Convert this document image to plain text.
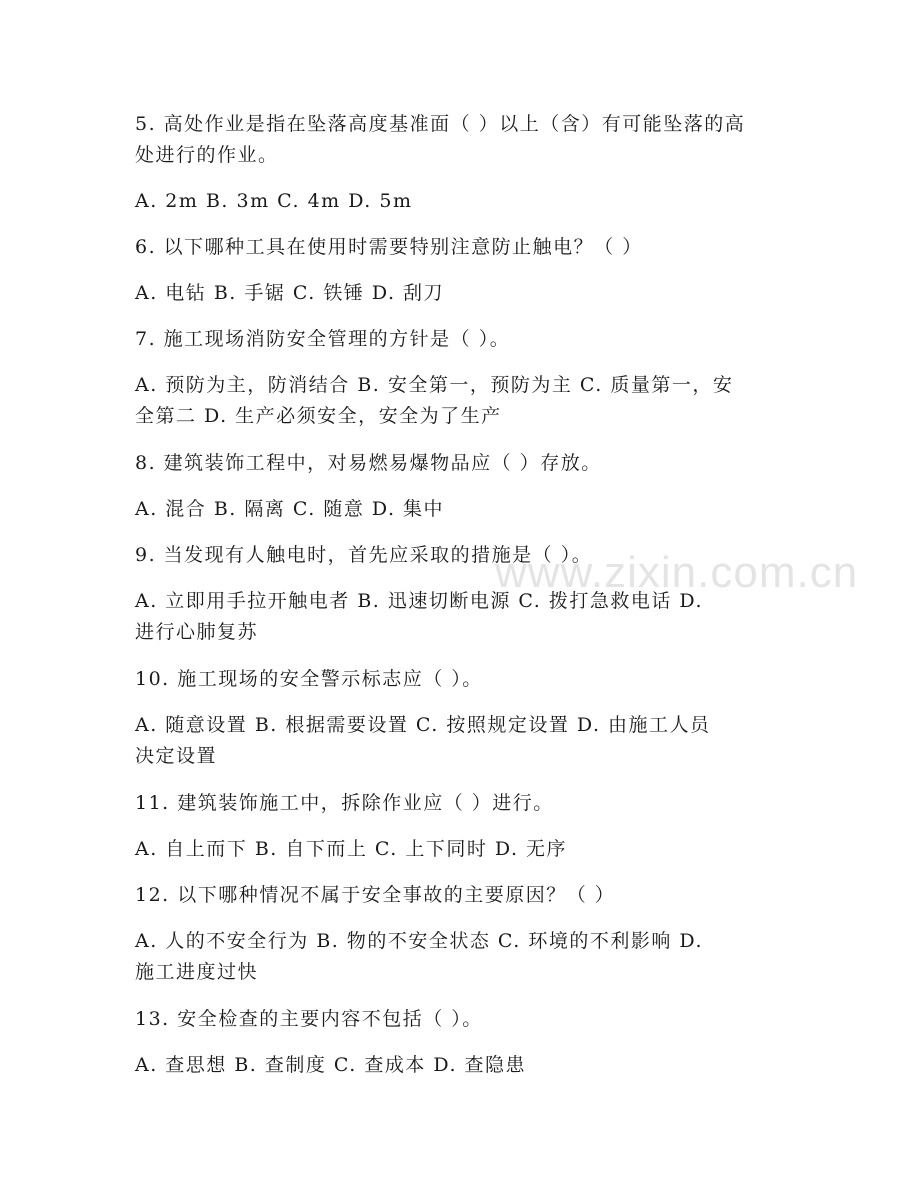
www.zixin.com.cn
5. 高处作业是指在坠落高度基准面（ ）以上（含）有可能坠落的高
处进行的作业。
A. 2m B. 3m C. 4m D. 5m
6. 以下哪种工具在使用时需要特别注意防止触电？（ ）
A. 电钻 B. 手锯 C. 铁锤 D. 刮刀
7. 施工现场消防安全管理的方针是（ ）。
A. 预防为主，防消结合 B. 安全第一，预防为主 C. 质量第一，安
全第二 D. 生产必须安全，安全为了生产
8. 建筑装饰工程中，对易燃易爆物品应（ ）存放。
A. 混合 B. 隔离 C. 随意 D. 集中
9. 当发现有人触电时，首先应采取的措施是（ ）。
A. 立即用手拉开触电者 B. 迅速切断电源 C. 拨打急救电话 D.
进行心肺复苏
10. 施工现场的安全警示标志应（ ）。
A. 随意设置 B. 根据需要设置 C. 按照规定设置 D. 由施工人员
决定设置
11. 建筑装饰施工中，拆除作业应（ ）进行。
A. 自上而下 B. 自下而上 C. 上下同时 D. 无序
12. 以下哪种情况不属于安全事故的主要原因？（ ）
A. 人的不安全行为 B. 物的不安全状态 C. 环境的不利影响 D.
施工进度过快
13. 安全检查的主要内容不包括（ ）。
A. 查思想 B. 查制度 C. 查成本 D. 查隐患
